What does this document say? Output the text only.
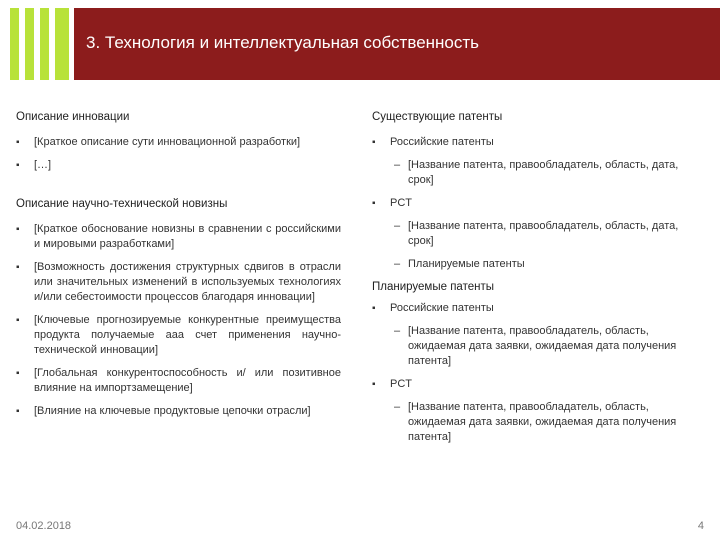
3. Технология и интеллектуальная собственность
Описание инновации
▪ [Краткое описание сути инновационной разработки]
▪ […]
Описание научно-технической новизны
▪ [Краткое обоснование новизны в сравнении с российскими и мировыми разработками]
▪ [Возможность достижения структурных сдвигов в отрасли или значительных изменений в используемых технологиях и/или себестоимости процессов благодаря инновации]
▪ [Ключевые прогнозируемые конкурентные преимущества продукта получаемые ааа счет применения научно-технической инновации]
▪ [Глобальная конкурентоспособность и/ или позитивное влияние на импортзамещение]
▪ [Влияние на ключевые продуктовые цепочки отрасли]
Существующие патенты
▪ Российские патенты
– [Название патента, правообладатель, область, дата, срок]
▪ PCT
– [Название патента, правообладатель, область, дата, срок]
– Планируемые патенты
Планируемые патенты
▪ Российские патенты
– [Название патента, правообладатель, область, ожидаемая дата заявки, ожидаемая дата получения патента]
▪ PCT
– [Название патента, правообладатель, область, ожидаемая дата заявки, ожидаемая дата получения патента]
04.02.2018	4
